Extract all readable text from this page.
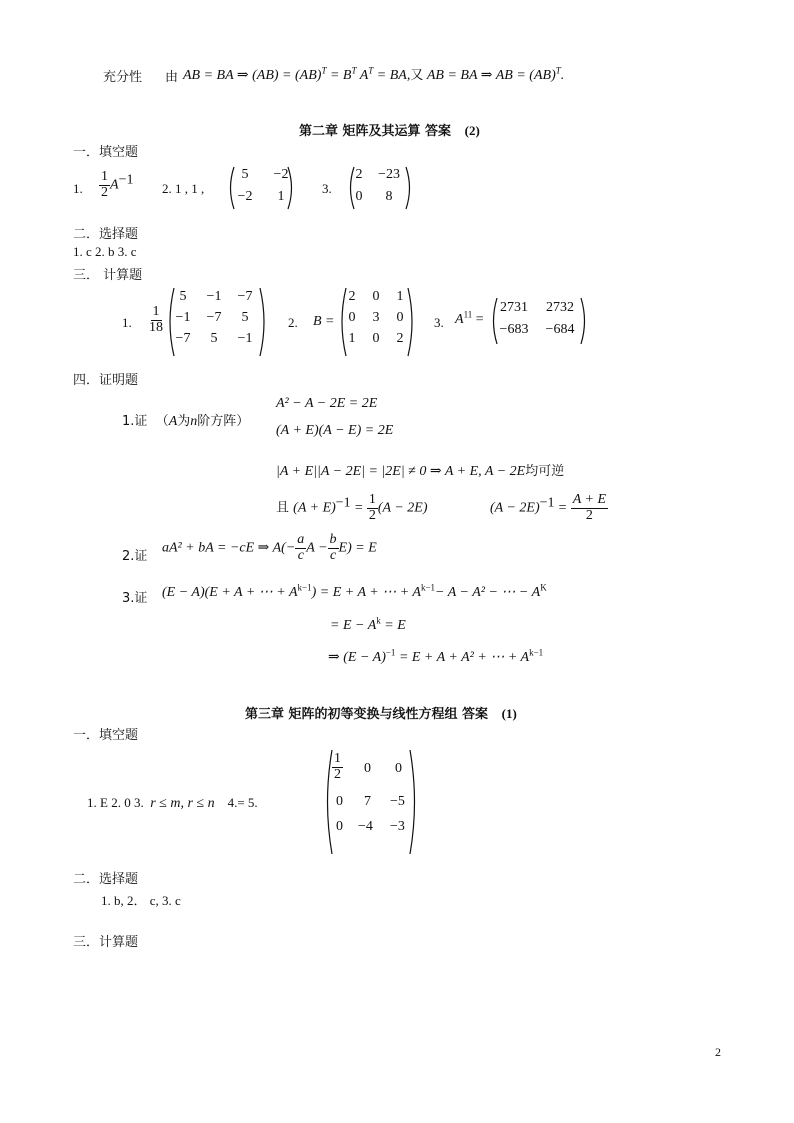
充分性 由 AB = BA ⇒ $(AB) = (AB)^T = B^T$ $A^T$ = BA,又 AB = BA ⇒ AB = (AB)$^T$.
第二章 矩阵及其运算 答案 (2)
一．填空题
1. $\frac{1}{2} A^{-1}$
2. 1 , 1 ,
5 −2
−2 1
3.
2 −23
0 8
二．选择题
1. c 2. b 3. c
三． 计算题
1. $\frac{1}{18}$
5 −1 −7
−1 −7 5
−7 5 −1
2. B =
2 0 1
0 3 0
1 0 2
3. $A^{11}$ =
2731 2732
−683 −684
四．证明题
1.证 （A为n阶方阵）
A² − A − 2E = 2E
(A + E)(A − E) = 2E
|A + E||A − 2E| = |2E| ≠ 0 ⇒ A + E, A − 2E均可逆
且 $(A + E)^{-1} = \frac{1}{2} (A - 2E)$	$(A - 2E)^{-1} = \frac{A + E}{2}$
2.证
aA² + bA = −cE ⇒ $A(- \frac{a}{c}$ $A - \frac{b}{c} E) = E$
3.证 (E − A)(E + A + ⋯ + $A^{k-1}) = E + A$ + ⋯ + $A^{k-1}- A - A^2$ − ⋯ − $A^K$
= $E - A^k = E$
⇒ $(E - A)^{-1} = E + A + A^2$ + ⋯ + $A^{k-1}$
第三章 矩阵的初等变换与线性方程组 答案 (1)
一．填空题
1. E 2. 0 3. r ≤ m, r ≤ n 4.= 5.
$\frac{1}{2} 0$ 0
0 7 −5
0 −4 −3
二．选择题
1. b, 2． c, 3. c
三．计算题
2
